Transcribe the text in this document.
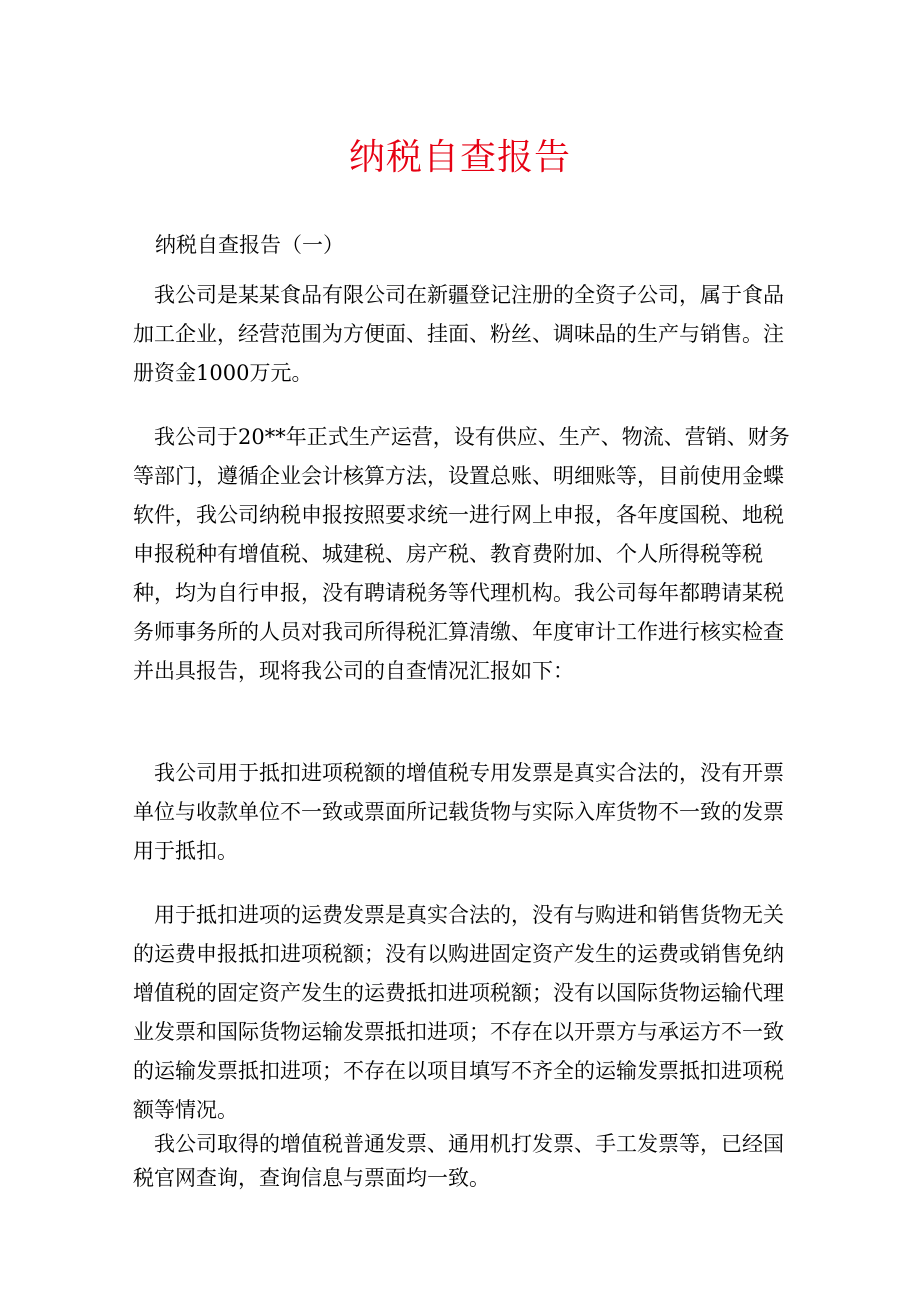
纳税自查报告
纳税自查报告（一）

我公司是某某食品有限公司在新疆登记注册的全资子公司，属于食品加工企业，经营范围为方便面、挂面、粉丝、调味品的生产与销售。注册资金1000万元。

我公司于20**年正式生产运营，设有供应、生产、物流、营销、财务等部门，遵循企业会计核算方法，设置总账、明细账等，目前使用金蝶软件，我公司纳税申报按照要求统一进行网上申报，各年度国税、地税申报税种有增值税、城建税、房产税、教育费附加、个人所得税等税种，均为自行申报，没有聘请税务等代理机构。我公司每年都聘请某税务师事务所的人员对我司所得税汇算清缴、年度审计工作进行核实检查并出具报告，现将我公司的自查情况汇报如下：

我公司用于抵扣进项税额的增值税专用发票是真实合法的，没有开票单位与收款单位不一致或票面所记载货物与实际入库货物不一致的发票用于抵扣。

用于抵扣进项的运费发票是真实合法的，没有与购进和销售货物无关的运费申报抵扣进项税额；没有以购进固定资产发生的运费或销售免纳增值税的固定资产发生的运费抵扣进项税额；没有以国际货物运输代理业发票和国际货物运输发票抵扣进项；不存在以开票方与承运方不一致的运输发票抵扣进项；不存在以项目填写不齐全的运输发票抵扣进项税额等情况。

我公司取得的增值税普通发票、通用机打发票、手工发票等，已经国税官网查询，查询信息与票面均一致。
